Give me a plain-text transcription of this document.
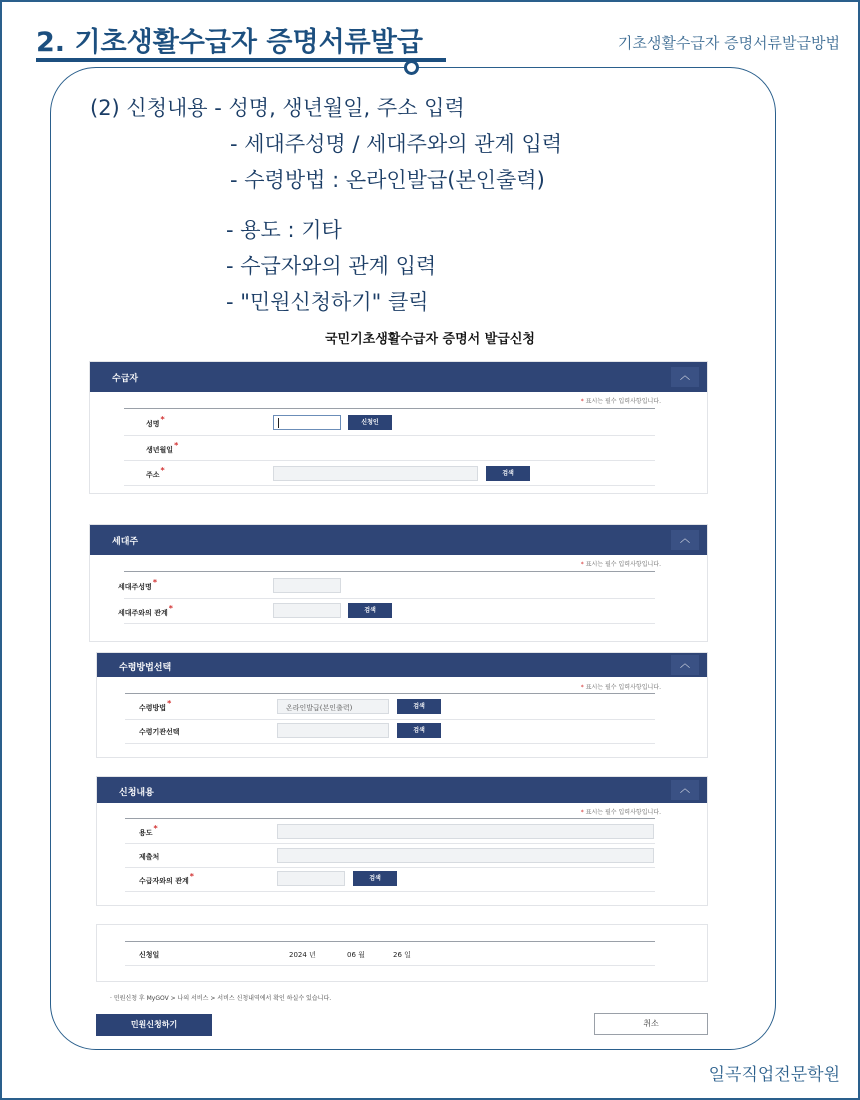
2. 기초생활수급자 증명서류발급	기초생활수급자 증명서류발급방법
(2) 신청내용 - 성명, 생년월일, 주소 입력
- 세대주성명 / 세대주와의 관계 입력
- 수령방법 : 온라인발급(본인출력)
- 용도 : 기타
- 수급자와의 관계 입력
- "민원신청하기" 클릭
국민기초생활수급자 증명서 발급신청
수급자	︿
* 표시는 필수 입력사항입니다.
성명*	신청인
생년월일*
주소*	검색
세대주	︿
* 표시는 필수 입력사항입니다.
세대주성명*
세대주와의 관계*	검색
수령방법선택	︿
* 표시는 필수 입력사항입니다.
수령방법*	온라인발급(본인출력)	검색
수령기관선택	검색
신청내용	︿
* 표시는 필수 입력사항입니다.
용도*
제출처
수급자와의 관계*	검색
신청일	2024 년	06 월	26 일
· 민원신청 후 MyGOV > 나의 서비스 > 서비스 신청내역에서 확인 하실수 있습니다.
민원신청하기	취소
일곡직업전문학원
